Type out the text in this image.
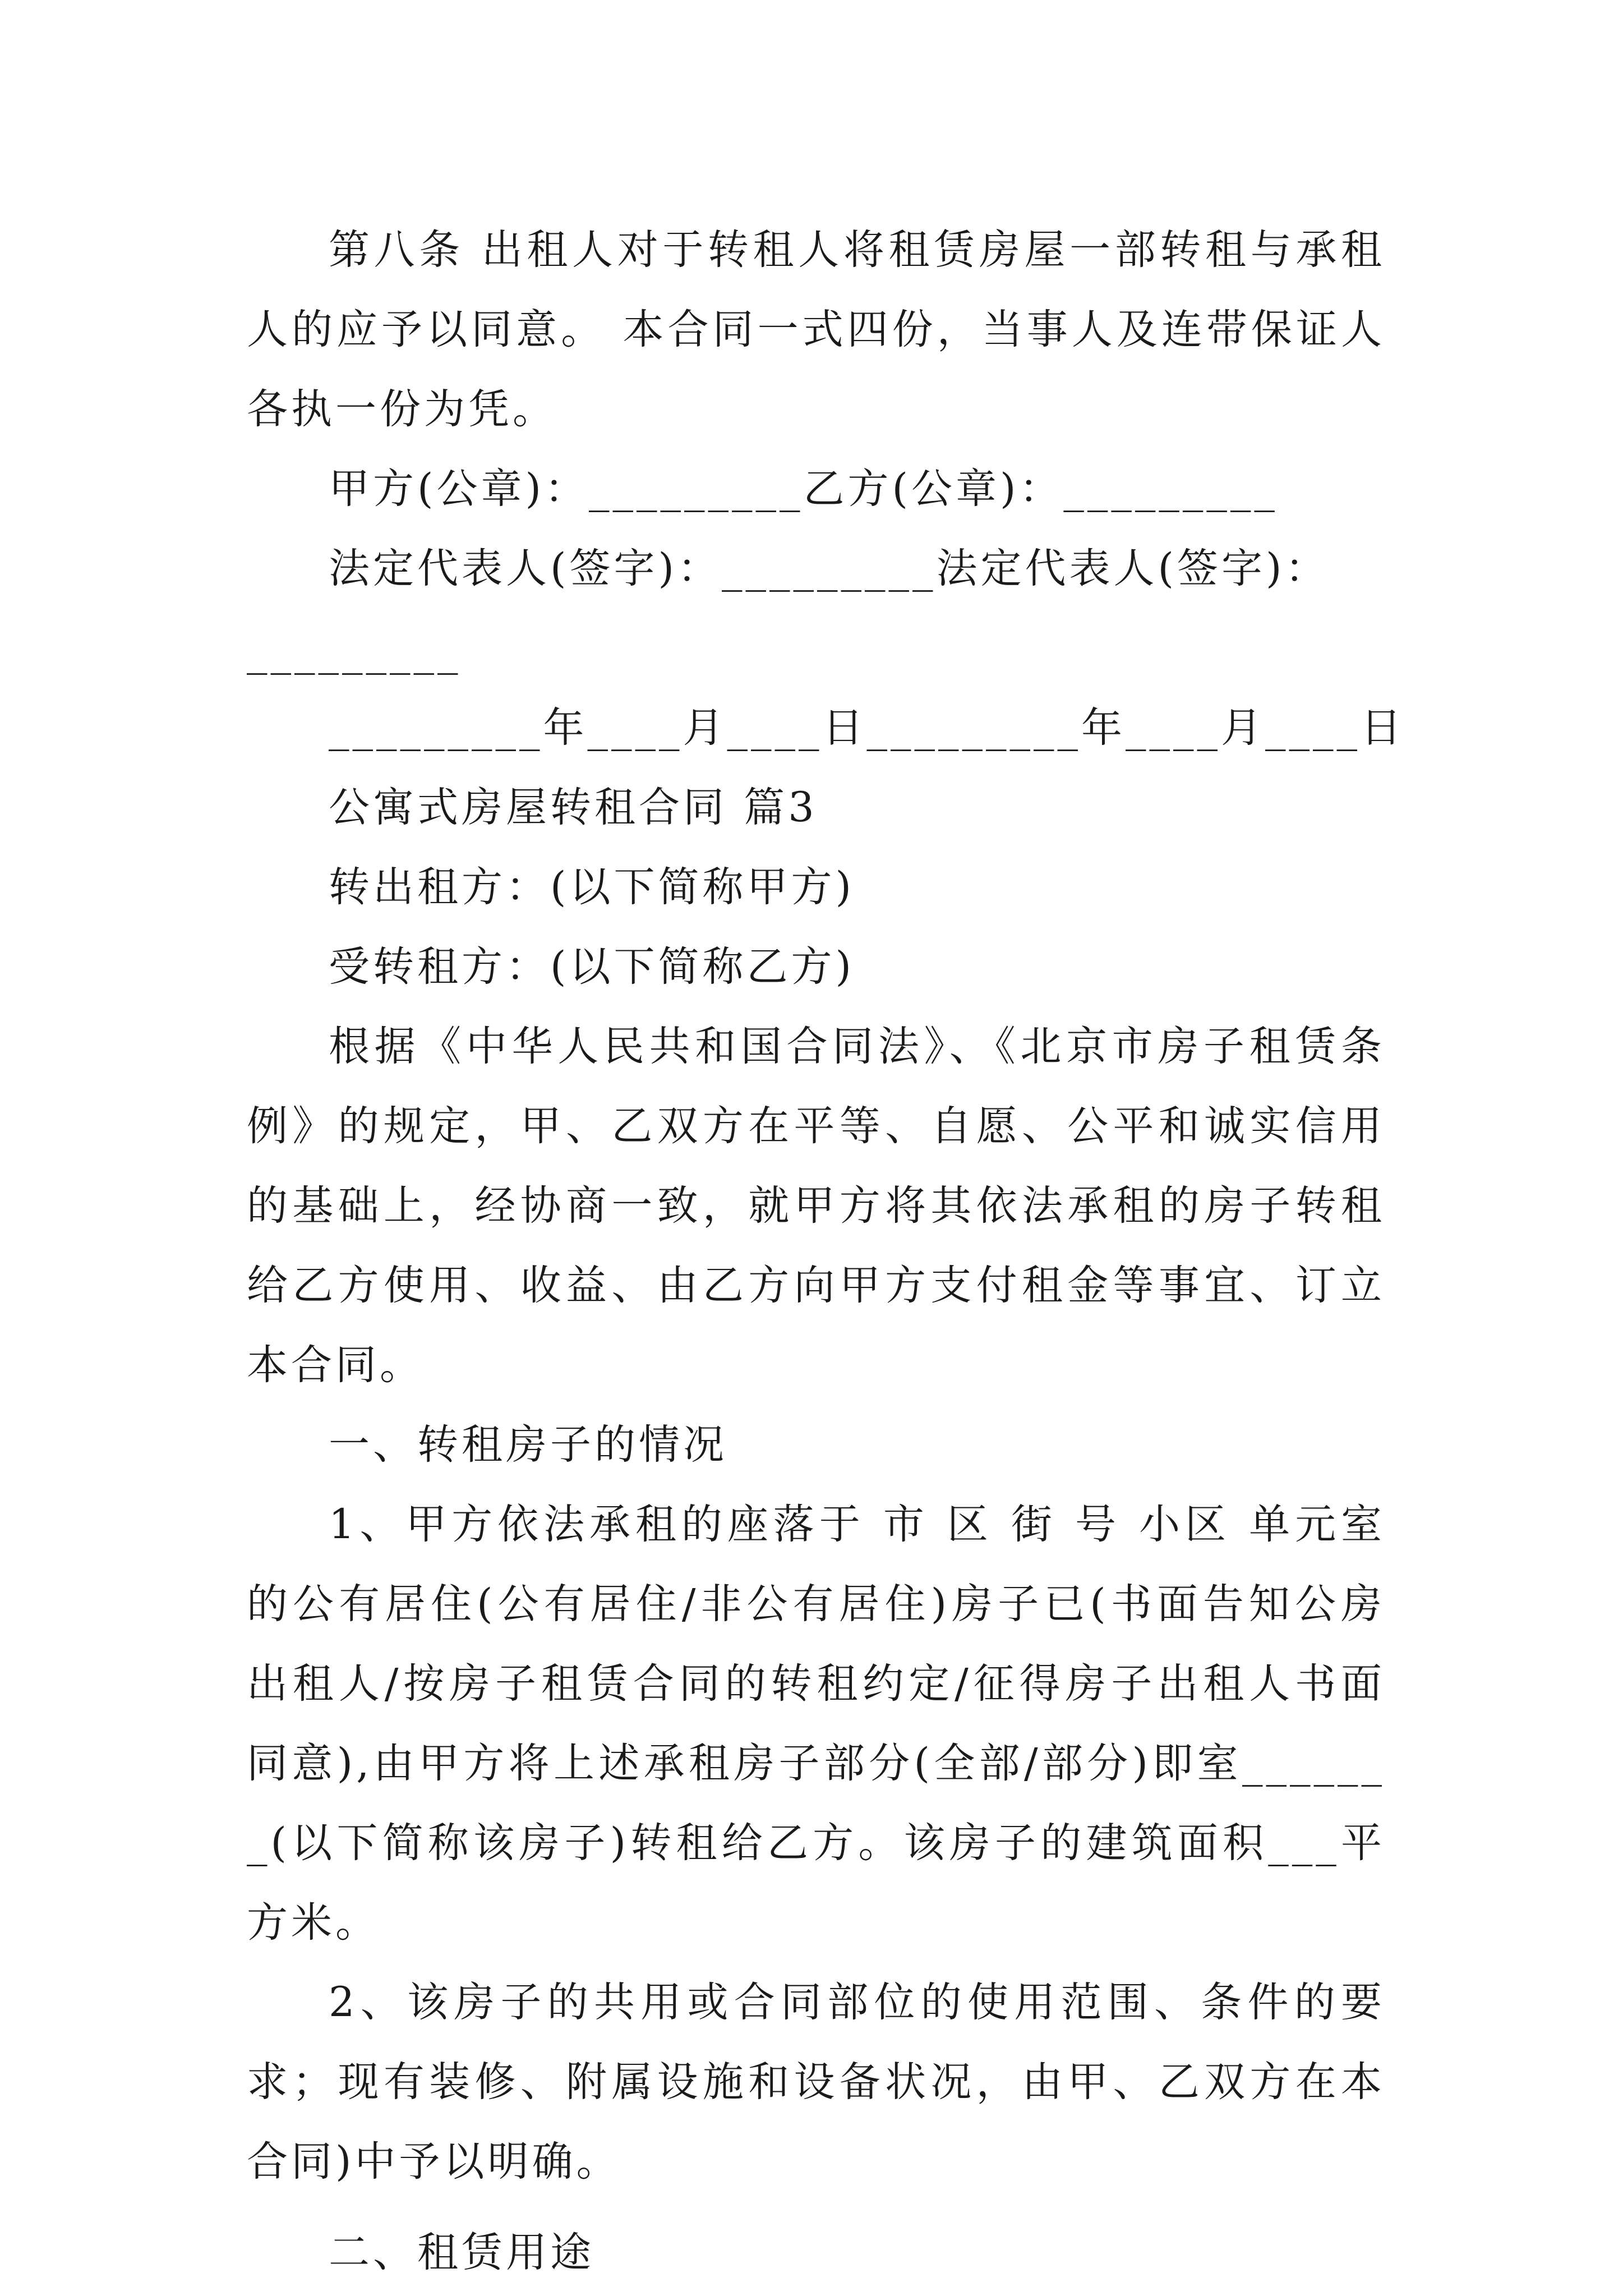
第八条 出租人对于转租人将租赁房屋一部转租与承租人的应予以同意。 本合同一式四份，当事人及连带保证人各执一份为凭。

甲方(公章)：_________乙方(公章)：_________

法定代表人(签字)：_________法定代表人(签字)：

_________

_________年____月____日_________年____月____日

公寓式房屋转租合同 篇3

转出租方：(以下简称甲方)

受转租方：(以下简称乙方)

根据《中华人民共和国合同法》、《北京市房子租赁条例》的规定，甲、乙双方在平等、自愿、公平和诚实信用的基础上，经协商一致，就甲方将其依法承租的房子转租给乙方使用、收益、由乙方向甲方支付租金等事宜、订立本合同。

一、转租房子的情况

1、甲方依法承租的座落于 市 区 街 号 小区 单元室的公有居住(公有居住/非公有居住)房子已(书面告知公房出租人/按房子租赁合同的转租约定/征得房子出租人书面同意),由甲方将上述承租房子部分(全部/部分)即室_______(以下简称该房子)转租给乙方。该房子的建筑面积___平方米。

2、该房子的共用或合同部位的使用范围、条件的要求；现有装修、附属设施和设备状况，由甲、乙双方在本合同)中予以明确。

二、租赁用途
